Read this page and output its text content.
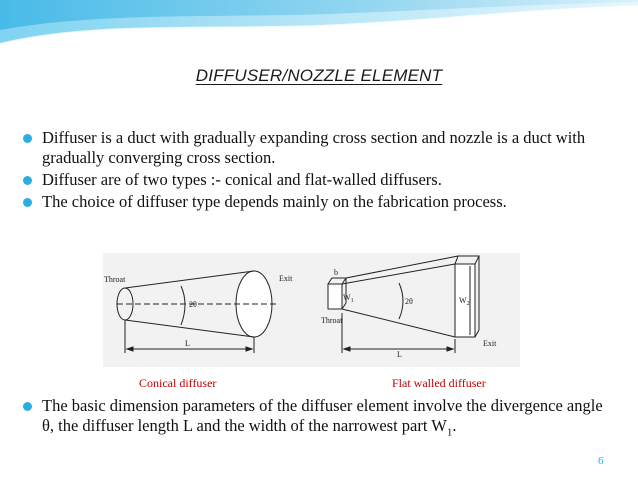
DIFFUSER/NOZZLE ELEMENT
Diffuser is a duct with gradually expanding cross section and nozzle is a duct with gradually converging cross section.
Diffuser are of two types :- conical and flat-walled diffusers.
The choice of diffuser type depends mainly on the fabrication process.
Throat	Exit
2θ
L
b
$W_1$
Throat
2θ	$W_2$
Exit
L
Conical diffuser	Flat walled diffuser
The basic dimension parameters of the diffuser element involve the divergence angle θ, the diffuser length L and the width of the narrowest part $W_1$.
6
